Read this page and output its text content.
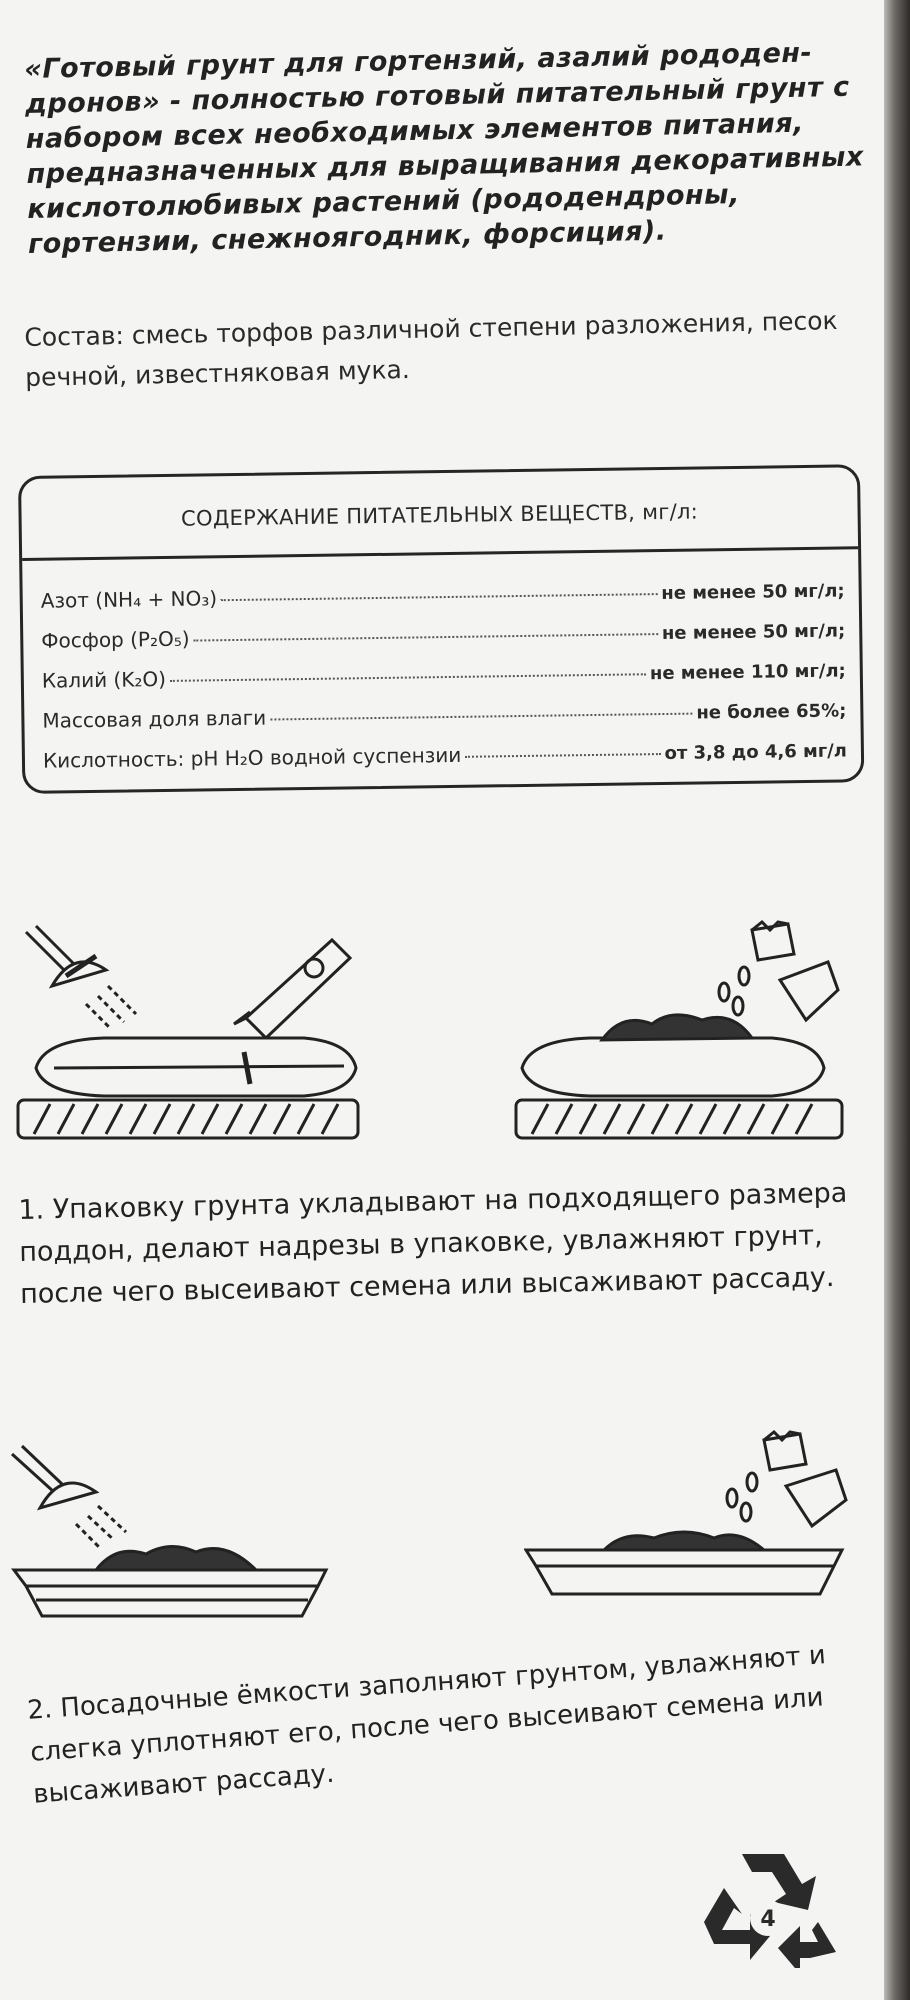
«Готовый грунт для гортензий, азалий рододен-дронов» - полностью готовый питательный грунт с набором всех необходимых элементов питания, предназначенных для выращивания декоративных кислотолюбивых растений (рододендроны, гортензии, снежноягодник, форсиция).
Состав: смесь торфов различной степени разложения, песок речной, известняковая мука.
СОДЕРЖАНИЕ ПИТАТЕЛЬНЫХ ВЕЩЕСТВ, мг/л:
Азот (NH₄ + NO₃)	не менее 50 мг/л;
Фосфор (P₂O₅)	не менее 50 мг/л;
Калий (K₂O)	не менее 110 мг/л;
Массовая доля влаги	не более 65%;
Кислотность: pH H₂O водной суспензии	от 3,8 до 4,6 мг/л
1. Упаковку грунта укладывают на подходящего размера поддон, делают надрезы в упаковке, увлажняют грунт, после чего высеивают семена или высаживают рассаду.
2. Посадочные ёмкости заполняют грунтом, увлажняют и слегка уплотняют его, после чего высеивают семена или высаживают рассаду.
4
